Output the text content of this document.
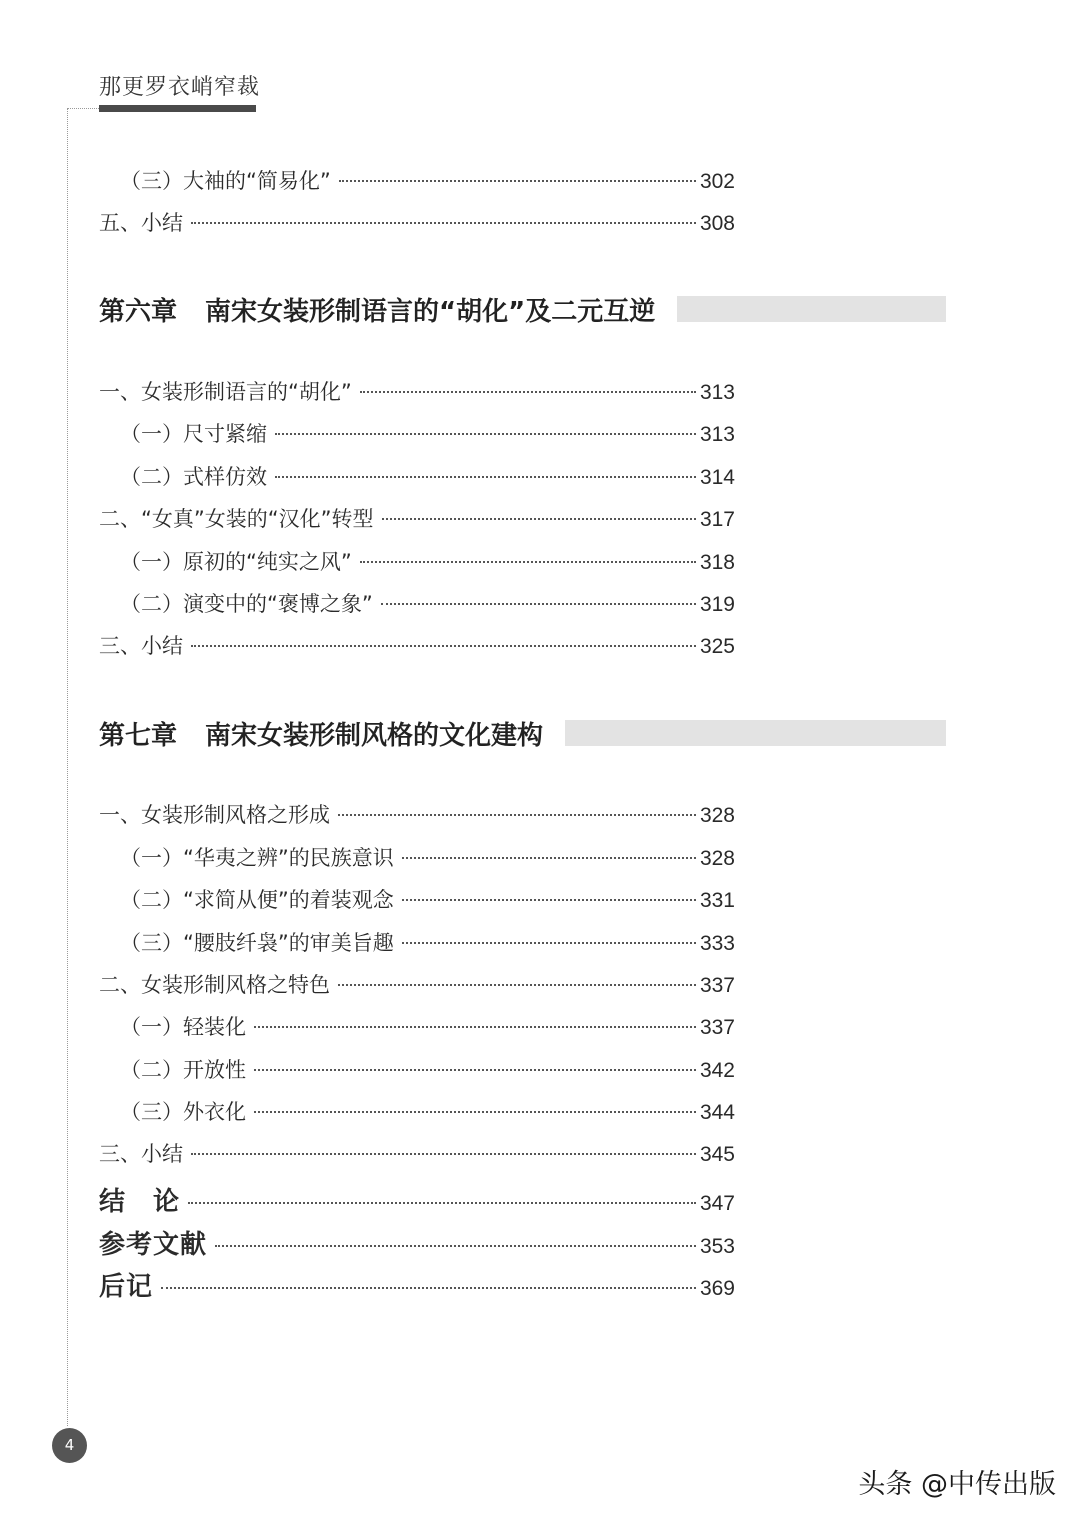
那更罗衣峭窄裁
（三）大袖的“简易化”	302
五、小结	308
第六章 南宋女装形制语言的“胡化”及二元互逆
一、女装形制语言的“胡化”	313
（一）尺寸紧缩	313
（二）式样仿效	314
二、“女真”女装的“汉化”转型	317
（一）原初的“纯实之风”	318
（二）演变中的“褒博之象”	319
三、小结	325
第七章 南宋女装形制风格的文化建构
一、女装形制风格之形成	328
（一）“华夷之辨”的民族意识	328
（二）“求简从便”的着装观念	331
（三）“腰肢纤袅”的审美旨趣	333
二、女装形制风格之特色	337
（一）轻装化	337
（二）开放性	342
（三）外衣化	344
三、小结	345
结　论	347
参考文献	353
后记	369
4
头条 @中传出版
